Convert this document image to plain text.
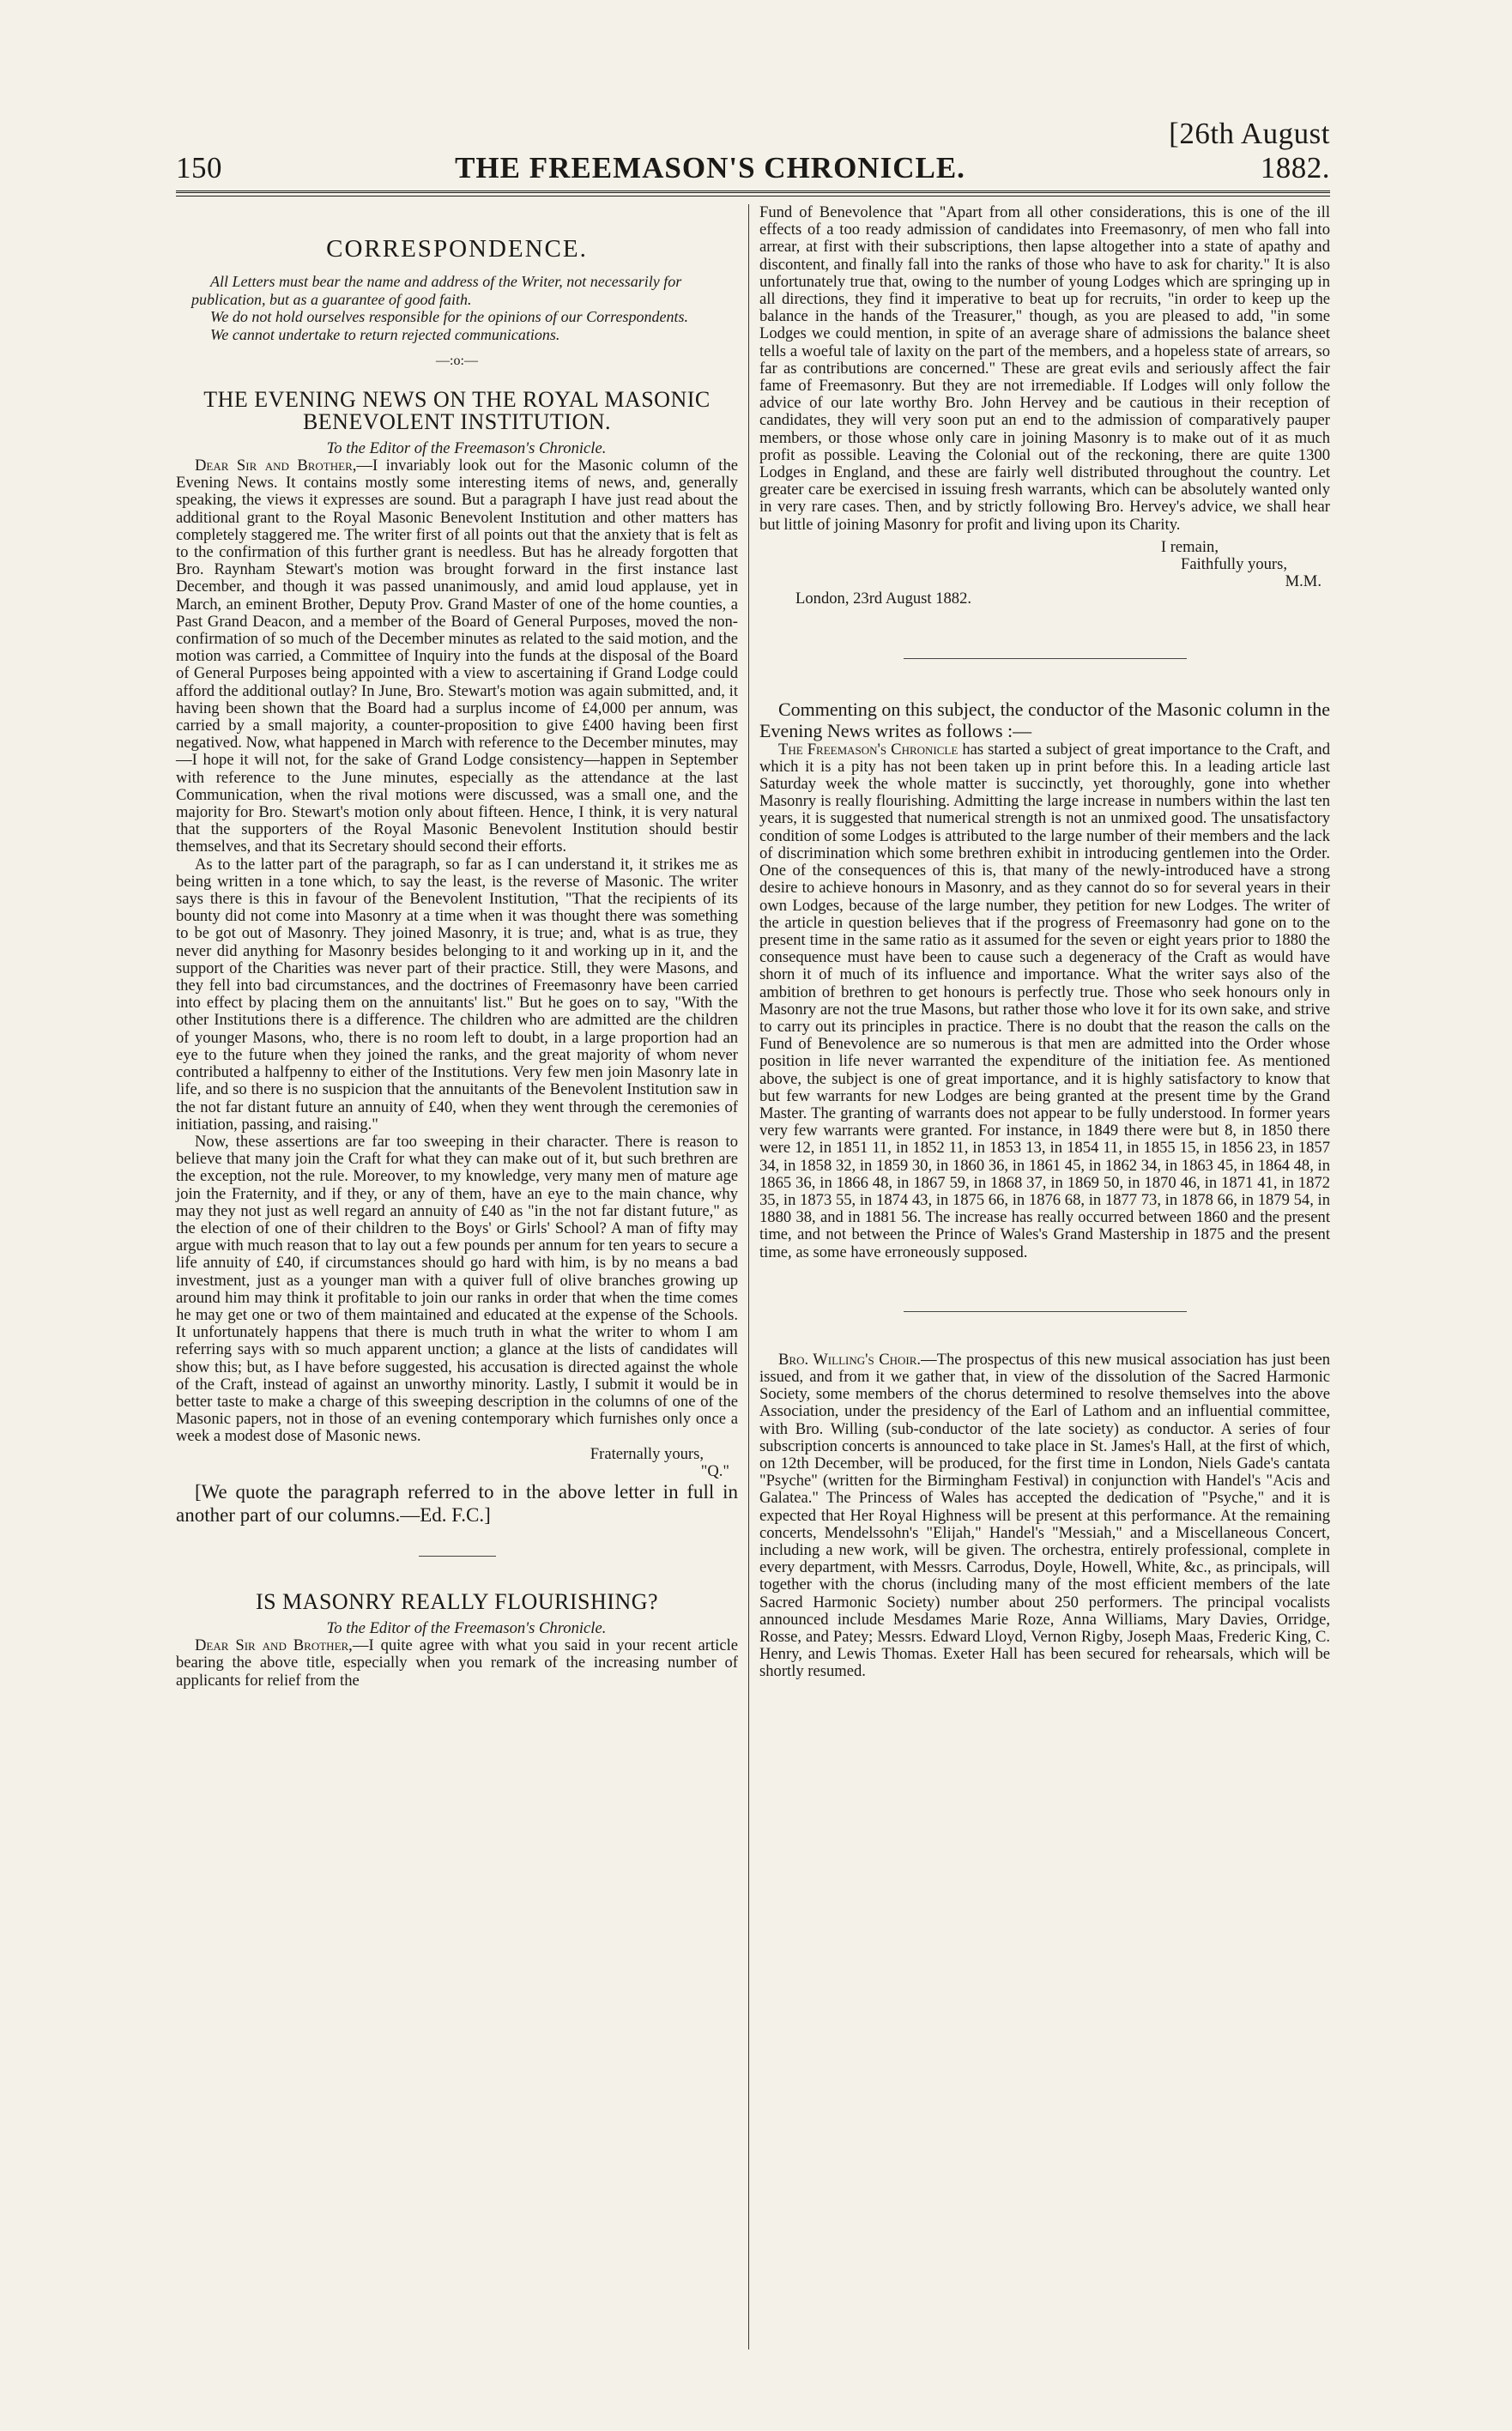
150	THE FREEMASON'S CHRONICLE.
[26th August 1882.
CORRESPONDENCE.

All Letters must bear the name and address of the Writer, not necessarily for publication, but as a guarantee of good faith.

We do not hold ourselves responsible for the opinions of our Correspondents.

We cannot undertake to return rejected communications.

—:o:—
THE EVENING NEWS ON THE ROYAL MASONIC BENEVOLENT INSTITUTION.

To the Editor of the Freemason's Chronicle.

Dear Sir and Brother,—I invariably look out for the Masonic column of the Evening News. It contains mostly some interesting items of news, and, generally speaking, the views it expresses are sound. But a paragraph I have just read about the additional grant to the Royal Masonic Benevolent Institution and other matters has completely staggered me. The writer first of all points out that the anxiety that is felt as to the confirmation of this further grant is needless. But has he already forgotten that Bro. Raynham Stewart's motion was brought forward in the first instance last December, and though it was passed unanimously, and amid loud applause, yet in March, an eminent Brother, Deputy Prov. Grand Master of one of the home counties, a Past Grand Deacon, and a member of the Board of General Purposes, moved the non-confirmation of so much of the December minutes as related to the said motion, and the motion was carried, a Committee of Inquiry into the funds at the disposal of the Board of General Purposes being appointed with a view to ascertaining if Grand Lodge could afford the additional outlay? In June, Bro. Stewart's motion was again submitted, and, it having been shown that the Board had a surplus income of £4,000 per annum, was carried by a small majority, a counter-proposition to give £400 having been first negatived. Now, what happened in March with reference to the December minutes, may—I hope it will not, for the sake of Grand Lodge consistency—happen in September with reference to the June minutes, especially as the attendance at the last Communication, when the rival motions were discussed, was a small one, and the majority for Bro. Stewart's motion only about fifteen. Hence, I think, it is very natural that the supporters of the Royal Masonic Benevolent Institution should bestir themselves, and that its Secretary should second their efforts.

As to the latter part of the paragraph, so far as I can understand it, it strikes me as being written in a tone which, to say the least, is the reverse of Masonic. The writer says there is this in favour of the Benevolent Institution, "That the recipients of its bounty did not come into Masonry at a time when it was thought there was something to be got out of Masonry. They joined Masonry, it is true; and, what is as true, they never did anything for Masonry besides belonging to it and working up in it, and the support of the Charities was never part of their practice. Still, they were Masons, and they fell into bad circumstances, and the doctrines of Freemasonry have been carried into effect by placing them on the annuitants' list." But he goes on to say, "With the other Institutions there is a difference. The children who are admitted are the children of younger Masons, who, there is no room left to doubt, in a large proportion had an eye to the future when they joined the ranks, and the great majority of whom never contributed a halfpenny to either of the Institutions. Very few men join Masonry late in life, and so there is no suspicion that the annuitants of the Benevolent Institution saw in the not far distant future an annuity of £40, when they went through the ceremonies of initiation, passing, and raising."

Now, these assertions are far too sweeping in their character. There is reason to believe that many join the Craft for what they can make out of it, but such brethren are the exception, not the rule. Moreover, to my knowledge, very many men of mature age join the Fraternity, and if they, or any of them, have an eye to the main chance, why may they not just as well regard an annuity of £40 as "in the not far distant future," as the election of one of their children to the Boys' or Girls' School? A man of fifty may argue with much reason that to lay out a few pounds per annum for ten years to secure a life annuity of £40, if circumstances should go hard with him, is by no means a bad investment, just as a younger man with a quiver full of olive branches growing up around him may think it profitable to join our ranks in order that when the time comes he may get one or two of them maintained and educated at the expense of the Schools. It unfortunately happens that there is much truth in what the writer to whom I am referring says with so much apparent unction; a glance at the lists of candidates will show this; but, as I have before suggested, his accusation is directed against the whole of the Craft, instead of against an unworthy minority. Lastly, I submit it would be in better taste to make a charge of this sweeping description in the columns of one of the Masonic papers, not in those of an evening contemporary which furnishes only once a week a modest dose of Masonic news.

Fraternally yours,

"Q."

[We quote the paragraph referred to in the above letter in full in another part of our columns.—Ed. F.C.]

IS MASONRY REALLY FLOURISHING?

To the Editor of the Freemason's Chronicle.

Dear Sir and Brother,—I quite agree with what you said in your recent article bearing the above title, especially when you remark of the increasing number of applicants for relief from the

Fund of Benevolence that "Apart from all other considerations, this is one of the ill effects of a too ready admission of candidates into Freemasonry, of men who fall into arrear, at first with their subscriptions, then lapse altogether into a state of apathy and discontent, and finally fall into the ranks of those who have to ask for charity." It is also unfortunately true that, owing to the number of young Lodges which are springing up in all directions, they find it imperative to beat up for recruits, "in order to keep up the balance in the hands of the Treasurer," though, as you are pleased to add, "in some Lodges we could mention, in spite of an average share of admissions the balance sheet tells a woeful tale of laxity on the part of the members, and a hopeless state of arrears, so far as contributions are concerned." These are great evils and seriously affect the fair fame of Freemasonry. But they are not irremediable. If Lodges will only follow the advice of our late worthy Bro. John Hervey and be cautious in their reception of candidates, they will very soon put an end to the admission of comparatively pauper members, or those whose only care in joining Masonry is to make out of it as much profit as possible. Leaving the Colonial out of the reckoning, there are quite 1300 Lodges in England, and these are fairly well distributed throughout the country. Let greater care be exercised in issuing fresh warrants, which can be absolutely wanted only in very rare cases. Then, and by strictly following Bro. Hervey's advice, we shall hear but little of joining Masonry for profit and living upon its Charity.

I remain,

Faithfully yours,

M.M.

London, 23rd August 1882.

Commenting on this subject, the conductor of the Masonic column in the Evening News writes as follows :—

The Freemason's Chronicle has started a subject of great importance to the Craft, and which it is a pity has not been taken up in print before this. In a leading article last Saturday week the whole matter is succinctly, yet thoroughly, gone into whether Masonry is really flourishing. Admitting the large increase in numbers within the last ten years, it is suggested that numerical strength is not an unmixed good. The unsatisfactory condition of some Lodges is attributed to the large number of their members and the lack of discrimination which some brethren exhibit in introducing gentlemen into the Order. One of the consequences of this is, that many of the newly-introduced have a strong desire to achieve honours in Masonry, and as they cannot do so for several years in their own Lodges, because of the large number, they petition for new Lodges. The writer of the article in question believes that if the progress of Freemasonry had gone on to the present time in the same ratio as it assumed for the seven or eight years prior to 1880 the consequence must have been to cause such a degeneracy of the Craft as would have shorn it of much of its influence and importance. What the writer says also of the ambition of brethren to get honours is perfectly true. Those who seek honours only in Masonry are not the true Masons, but rather those who love it for its own sake, and strive to carry out its principles in practice. There is no doubt that the reason the calls on the Fund of Benevolence are so numerous is that men are admitted into the Order whose position in life never warranted the expenditure of the initiation fee. As mentioned above, the subject is one of great importance, and it is highly satisfactory to know that but few warrants for new Lodges are being granted at the present time by the Grand Master. The granting of warrants does not appear to be fully understood. In former years very few warrants were granted. For instance, in 1849 there were but 8, in 1850 there were 12, in 1851 11, in 1852 11, in 1853 13, in 1854 11, in 1855 15, in 1856 23, in 1857 34, in 1858 32, in 1859 30, in 1860 36, in 1861 45, in 1862 34, in 1863 45, in 1864 48, in 1865 36, in 1866 48, in 1867 59, in 1868 37, in 1869 50, in 1870 46, in 1871 41, in 1872 35, in 1873 55, in 1874 43, in 1875 66, in 1876 68, in 1877 73, in 1878 66, in 1879 54, in 1880 38, and in 1881 56. The increase has really occurred between 1860 and the present time, and not between the Prince of Wales's Grand Mastership in 1875 and the present time, as some have erroneously supposed.

Bro. Willing's Choir.—The prospectus of this new musical association has just been issued, and from it we gather that, in view of the dissolution of the Sacred Harmonic Society, some members of the chorus determined to resolve themselves into the above Association, under the presidency of the Earl of Lathom and an influential committee, with Bro. Willing (sub-conductor of the late society) as conductor. A series of four subscription concerts is announced to take place in St. James's Hall, at the first of which, on 12th December, will be produced, for the first time in London, Niels Gade's cantata "Psyche" (written for the Birmingham Festival) in conjunction with Handel's "Acis and Galatea." The Princess of Wales has accepted the dedication of "Psyche," and it is expected that Her Royal Highness will be present at this performance. At the remaining concerts, Mendelssohn's "Elijah," Handel's "Messiah," and a Miscellaneous Concert, including a new work, will be given. The orchestra, entirely professional, complete in every department, with Messrs. Carrodus, Doyle, Howell, White, &c., as principals, will together with the chorus (including many of the most efficient members of the late Sacred Harmonic Society) number about 250 performers. The principal vocalists announced include Mesdames Marie Roze, Anna Williams, Mary Davies, Orridge, Rosse, and Patey; Messrs. Edward Lloyd, Vernon Rigby, Joseph Maas, Frederic King, C. Henry, and Lewis Thomas. Exeter Hall has been secured for rehearsals, which will be shortly resumed.
